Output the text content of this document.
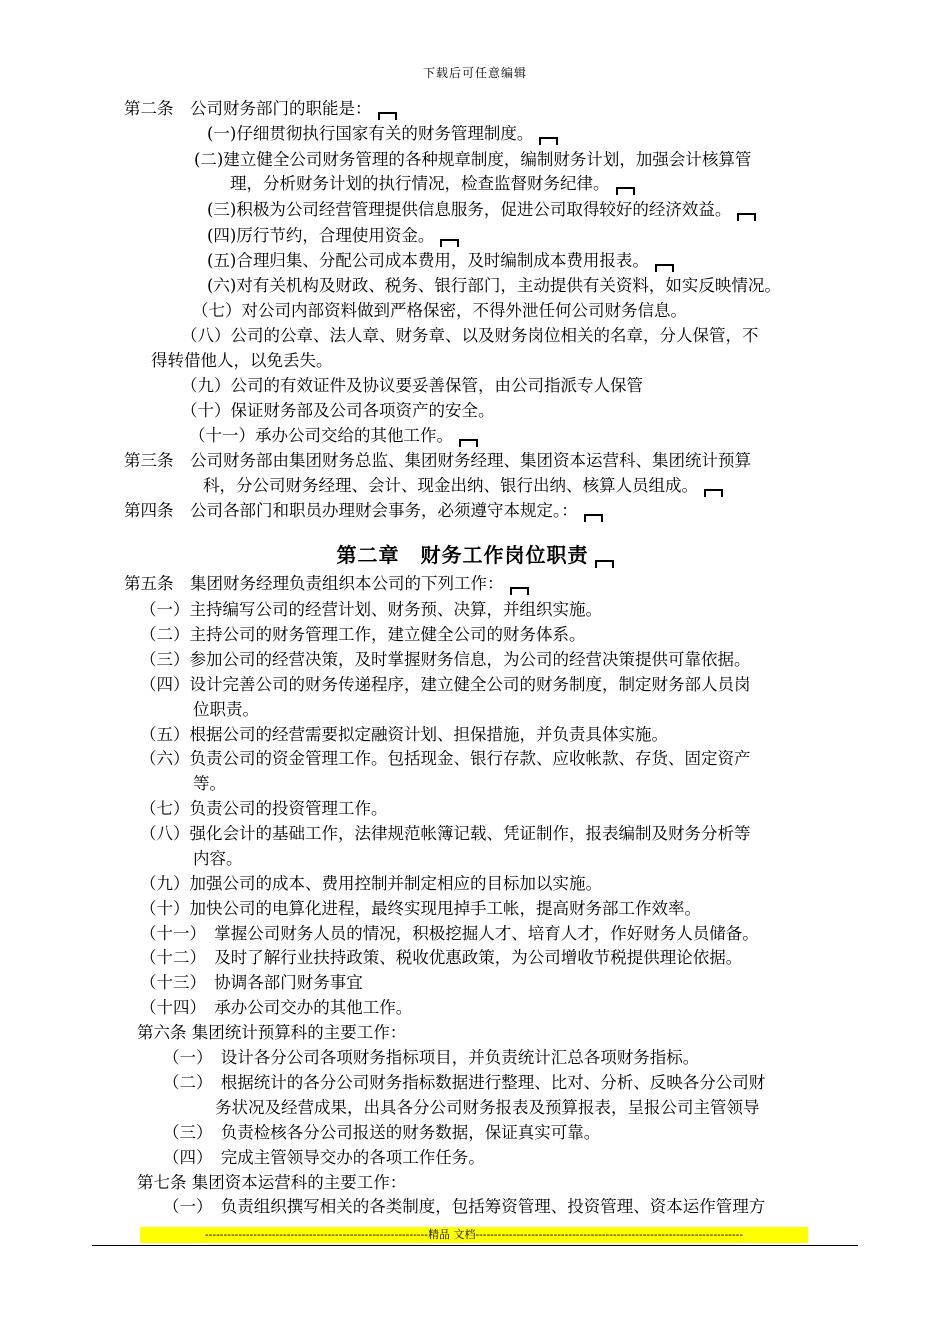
下载后可任意编辑
第二条　公司财务部门的职能是：
(一)仔细贯彻执行国家有关的财务管理制度。
(二)建立健全公司财务管理的各种规章制度，编制财务计划，加强会计核算管
理，分析财务计划的执行情况，检查监督财务纪律。
(三)积极为公司经营管理提供信息服务，促进公司取得较好的经济效益。
(四)厉行节约，合理使用资金。
(五)合理归集、分配公司成本费用，及时编制成本费用报表。
(六)对有关机构及财政、税务、银行部门，主动提供有关资料，如实反映情况。
（七）对公司内部资料做到严格保密，不得外泄任何公司财务信息。
（八）公司的公章、法人章、财务章、以及财务岗位相关的名章，分人保管，不
得转借他人，以免丢失。
（九）公司的有效证件及协议要妥善保管，由公司指派专人保管
（十）保证财务部及公司各项资产的安全。
（十一）承办公司交给的其他工作。
第三条　公司财务部由集团财务总监、集团财务经理、集团资本运营科、集团统计预算
科，分公司财务经理、会计、现金出纳、银行出纳、核算人员组成。
第四条　公司各部门和职员办理财会事务，必须遵守本规定。：
第五条　集团财务经理负责组织本公司的下列工作：
（一）主持编写公司的经营计划、财务预、决算，并组织实施。
（二）主持公司的财务管理工作，建立健全公司的财务体系。
（三）参加公司的经营决策，及时掌握财务信息，为公司的经营决策提供可靠依据。
（四）设计完善公司的财务传递程序，建立健全公司的财务制度，制定财务部人员岗
位职责。
（五）根据公司的经营需要拟定融资计划、担保措施，并负责具体实施。
（六）负责公司的资金管理工作。包括现金、银行存款、应收帐款、存货、固定资产
等。
（七）负责公司的投资管理工作。
（八）强化会计的基础工作，法律规范帐簿记载、凭证制作，报表编制及财务分析等
内容。
（九）加强公司的成本、费用控制并制定相应的目标加以实施。
（十）加快公司的电算化进程，最终实现甩掉手工帐，提高财务部工作效率。
（十一）　掌握公司财务人员的情况，积极挖掘人才、培育人才，作好财务人员储备。
（十二）　及时了解行业扶持政策、税收优惠政策，为公司增收节税提供理论依据。
（十三）　协调各部门财务事宜
（十四）　承办公司交办的其他工作。
第六条 集团统计预算科的主要工作：
（一）　设计各分公司各项财务指标项目，并负责统计汇总各项财务指标。
（二）　根据统计的各分公司财务指标数据进行整理、比对、分析、反映各分公司财
务状况及经营成果，出具各分公司财务报表及预算报表，呈报公司主管领导
（三）　负责检核各分公司报送的财务数据，保证真实可靠。
（四）　完成主管领导交办的各项工作任务。
第七条 集团资本运营科的主要工作：
（一）　负责组织撰写相关的各类制度，包括筹资管理、投资管理、资本运作管理方
第二章　财务工作岗位职责
------------------------------------------------------------精品 文档------------------------------------------------------------------------
